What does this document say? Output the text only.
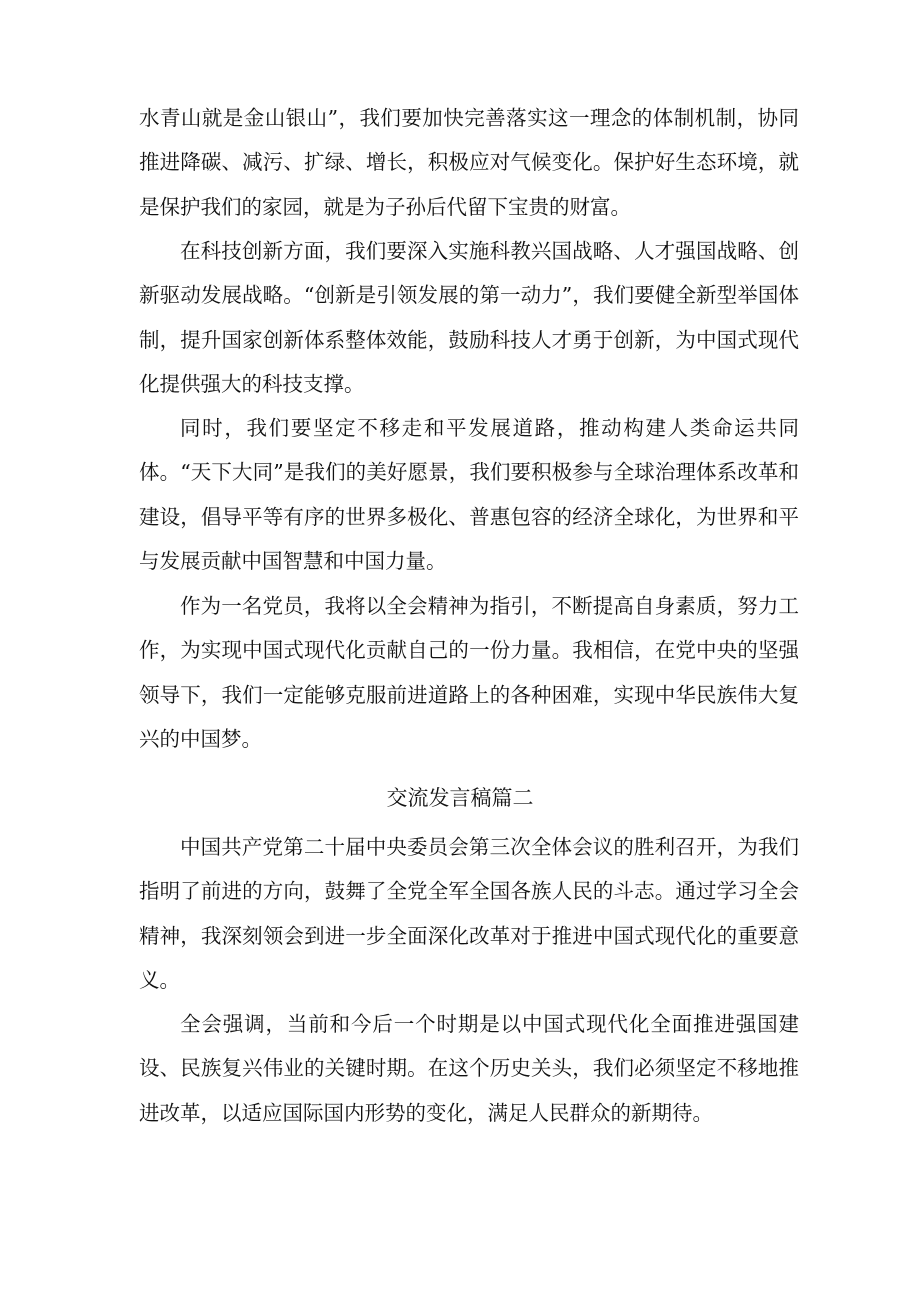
水青山就是金山银山”，我们要加快完善落实这一理念的体制机制，协同推进降碳、减污、扩绿、增长，积极应对气候变化。保护好生态环境，就是保护我们的家园，就是为子孙后代留下宝贵的财富。

在科技创新方面，我们要深入实施科教兴国战略、人才强国战略、创新驱动发展战略。“创新是引领发展的第一动力”，我们要健全新型举国体制，提升国家创新体系整体效能，鼓励科技人才勇于创新，为中国式现代化提供强大的科技支撑。

同时，我们要坚定不移走和平发展道路，推动构建人类命运共同体。“天下大同”是我们的美好愿景，我们要积极参与全球治理体系改革和建设，倡导平等有序的世界多极化、普惠包容的经济全球化，为世界和平与发展贡献中国智慧和中国力量。

作为一名党员，我将以全会精神为指引，不断提高自身素质，努力工作，为实现中国式现代化贡献自己的一份力量。我相信，在党中央的坚强领导下，我们一定能够克服前进道路上的各种困难，实现中华民族伟大复兴的中国梦。

交流发言稿篇二

中国共产党第二十届中央委员会第三次全体会议的胜利召开，为我们指明了前进的方向，鼓舞了全党全军全国各族人民的斗志。通过学习全会精神，我深刻领会到进一步全面深化改革对于推进中国式现代化的重要意义。

全会强调，当前和今后一个时期是以中国式现代化全面推进强国建设、民族复兴伟业的关键时期。在这个历史关头，我们必须坚定不移地推进改革，以适应国际国内形势的变化，满足人民群众的新期待。
